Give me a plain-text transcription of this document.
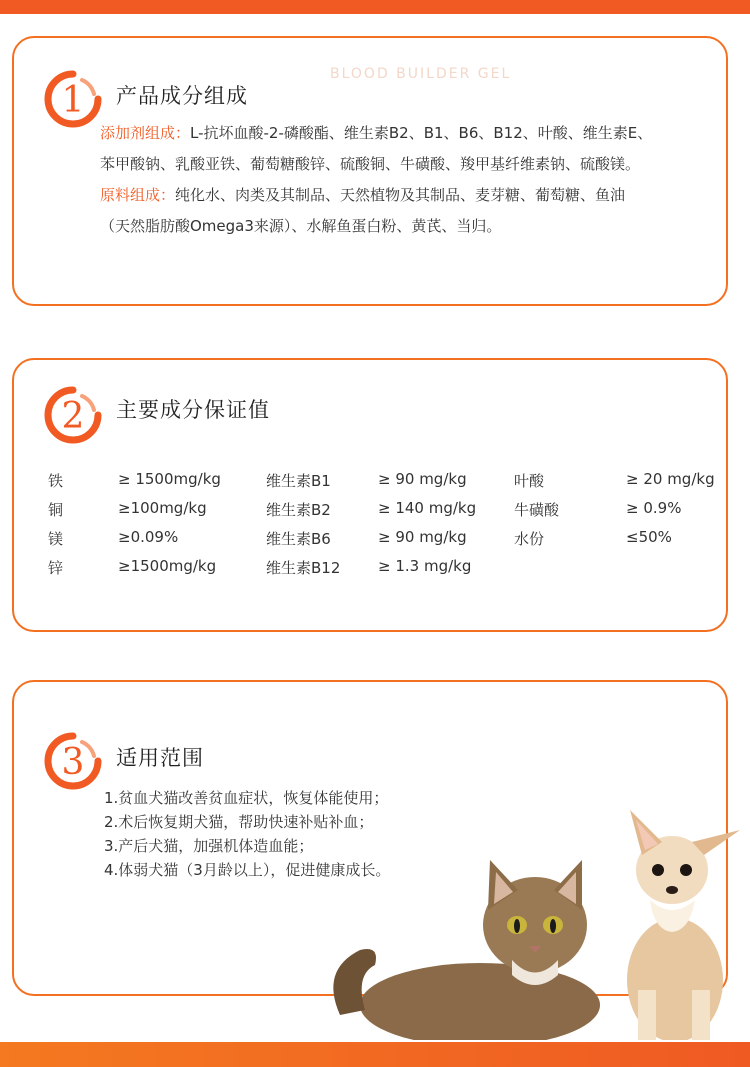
BLOOD BUILDER GEL
1 产品成分组成
添加剂组成：L-抗坏血酸-2-磷酸酯、维生素B2、B1、B6、B12、叶酸、维生素E、
苯甲酸钠、乳酸亚铁、葡萄糖酸锌、硫酸铜、牛磺酸、羧甲基纤维素钠、硫酸镁。
原料组成：纯化水、肉类及其制品、天然植物及其制品、麦芽糖、葡萄糖、鱼油
（天然脂肪酸Omega3来源）、水解鱼蛋白粉、黄芪、当归。
2 主要成分保证值
铁	≥ 1500mg/kg	维生素B1	≥ 90 mg/kg	叶酸	≥ 20 mg/kg
铜	≥100mg/kg	维生素B2	≥ 140 mg/kg	牛磺酸	≥ 0.9%
镁	≥0.09%	维生素B6	≥ 90 mg/kg	水份	≤50%
锌	≥1500mg/kg	维生素B12	≥ 1.3 mg/kg
3 适用范围
1.贫血犬猫改善贫血症状，恢复体能使用；
2.术后恢复期犬猫，帮助快速补贴补血；
3.产后犬猫，加强机体造血能；
4.体弱犬猫（3月龄以上），促进健康成长。
